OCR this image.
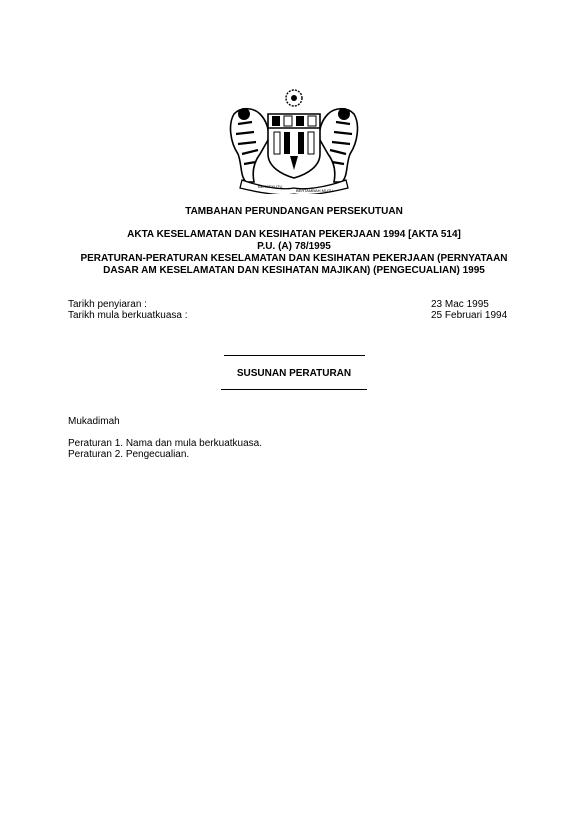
BERSEKUTU
BERTAMBAH MUTU
TAMBAHAN PERUNDANGAN PERSEKUTUAN
AKTA KESELAMATAN DAN KESIHATAN PEKERJAAN 1994 [AKTA 514]
P.U. (A) 78/1995
PERATURAN-PERATURAN KESELAMATAN DAN KESIHATAN PEKERJAAN (PERNYATAAN
DASAR AM KESELAMATAN DAN KESIHATAN MAJIKAN) (PENGECUALIAN) 1995
Tarikh penyiaran :	23 Mac 1995
Tarikh mula berkuatkuasa :	25 Februari 1994
SUSUNAN PERATURAN
Mukadimah
Peraturan 1. Nama dan mula berkuatkuasa.
Peraturan 2. Pengecualian.
